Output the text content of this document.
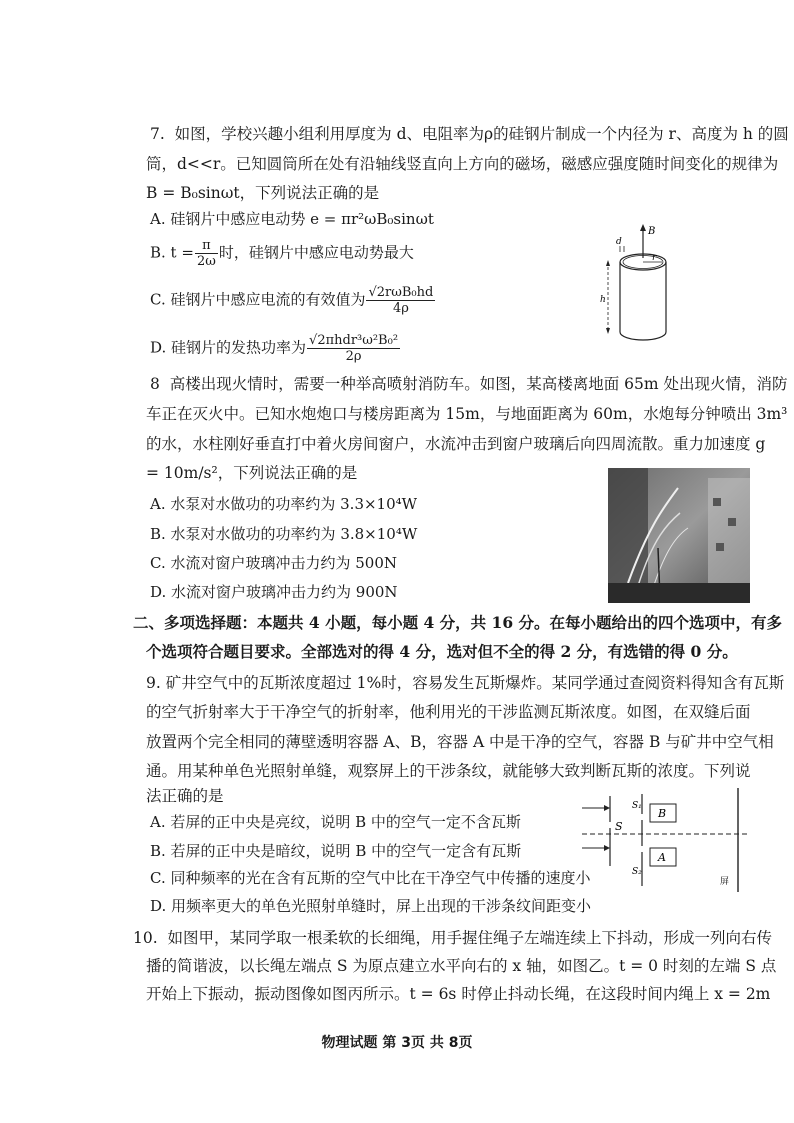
7. 如图，学校兴趣小组利用厚度为 d、电阻率为ρ的硅钢片制成一个内径为 r、高度为 h 的圆
筒，d<<r。已知圆筒所在处有沿轴线竖直向上方向的磁场，磁感应强度随时间变化的规律为
B = B₀sinωt，下列说法正确的是
A. 硅钢片中感应电动势 e = πr²ωB₀sinωt
B. $t = \frac{\pi}{2\omega}$ 时，硅钢片中感应电动势最大
C. 硅钢片中感应电流的有效值为 $\frac{\text{√2rωB₀hd}}{4\rho}$
D. 硅钢片的发热功率为 $\frac{\text{√2πhdr³ω²B₀²}}{2\rho}$
B
d
r
h
8 高楼出现火情时，需要一种举高喷射消防车。如图，某高楼离地面 65m 处出现火情，消防
车正在灭火中。已知水炮炮口与楼房距离为 15m，与地面距离为 60m，水炮每分钟喷出 3m³
的水，水柱刚好垂直打中着火房间窗户，水流冲击到窗户玻璃后向四周流散。重力加速度 g
= 10m/s²，下列说法正确的是
A. 水泵对水做功的功率约为 3.3×10⁴W
B. 水泵对水做功的功率约为 3.8×10⁴W
C. 水流对窗户玻璃冲击力约为 500N
D. 水流对窗户玻璃冲击力约为 900N
二、多项选择题：本题共 4 小题，每小题 4 分，共 16 分。在每小题给出的四个选项中，有多
个选项符合题目要求。全部选对的得 4 分，选对但不全的得 2 分，有选错的得 0 分。
9. 矿井空气中的瓦斯浓度超过 1%时，容易发生瓦斯爆炸。某同学通过查阅资料得知含有瓦斯
的空气折射率大于干净空气的折射率，他利用光的干涉监测瓦斯浓度。如图，在双缝后面
放置两个完全相同的薄壁透明容器 A、B，容器 A 中是干净的空气，容器 B 与矿井中空气相
通。用某种单色光照射单缝，观察屏上的干涉条纹，就能够大致判断瓦斯的浓度。下列说
法正确的是
A. 若屏的正中央是亮纹，说明 B 中的空气一定不含瓦斯
B. 若屏的正中央是暗纹，说明 B 中的空气一定含有瓦斯
C. 同种频率的光在含有瓦斯的空气中比在干净空气中传播的速度小
D. 用频率更大的单色光照射单缝时，屏上出现的干涉条纹间距变小
S
S₁
S₂
B
A
屏
10. 如图甲，某同学取一根柔软的长细绳，用手握住绳子左端连续上下抖动，形成一列向右传
播的简谐波，以长绳左端点 S 为原点建立水平向右的 x 轴，如图乙。t = 0 时刻的左端 S 点
开始上下振动，振动图像如图丙所示。t = 6s 时停止抖动长绳，在这段时间内绳上 x = 2m
物理试题 第 3页 共 8页
